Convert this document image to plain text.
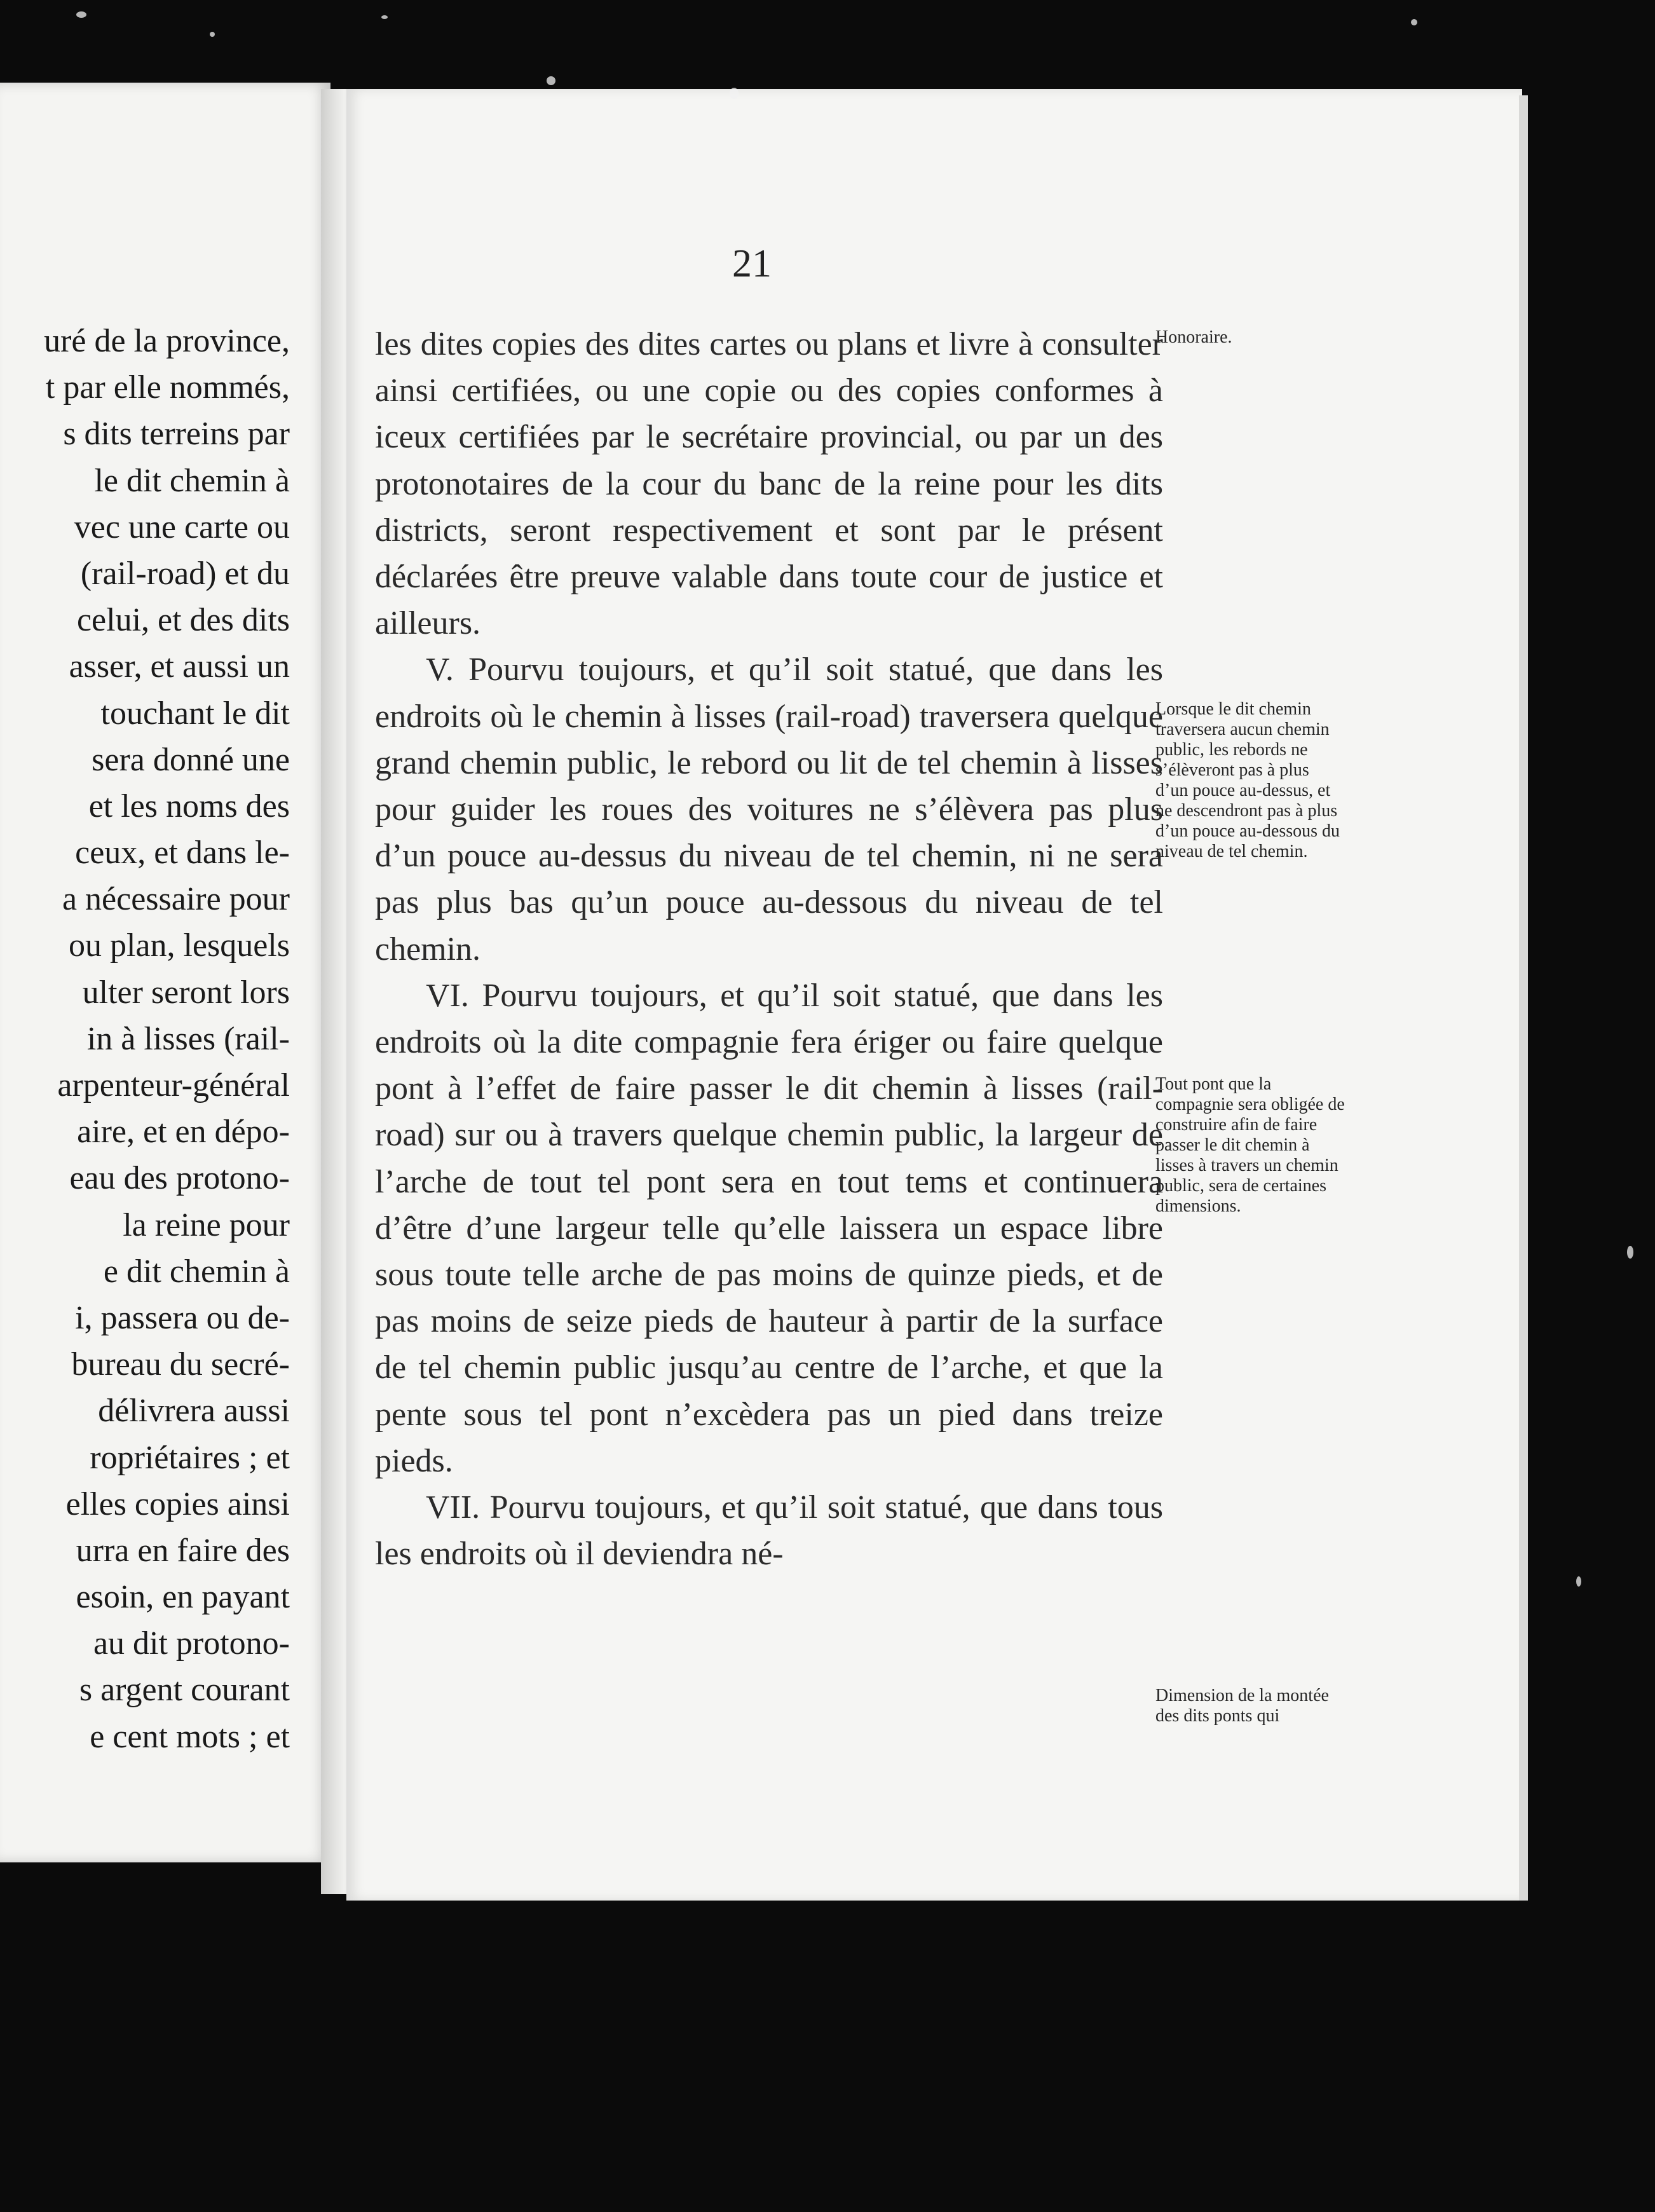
uré de la province,
t par elle nommés,
s dits terreins par
le dit chemin à
vec une carte ou
(rail-road) et du
celui, et des dits
asser, et aussi un
touchant le dit
sera donné une
et les noms des
ceux, et dans le-
a nécessaire pour
ou plan, lesquels
ulter seront lors
in à lisses (rail-
arpenteur-général
aire, et en dépo-
eau des protono-
la reine pour
e dit chemin à
i, passera ou de-
bureau du secré-
délivrera aussi
ropriétaires ; et
elles copies ainsi
urra en faire des
esoin, en payant
au dit protono-
s argent courant
e cent mots ; et
21

les dites copies des dites cartes ou plans et livre à consulter ainsi certifiées, ou une copie ou des copies conformes à iceux certifiées par le secrétaire provincial, ou par un des protonotaires de la cour du banc de la reine pour les dits districts, seront respectivement et sont par le présent déclarées être preuve valable dans toute cour de justice et ailleurs.

V. Pourvu toujours, et qu’il soit statué, que dans les endroits où le chemin à lisses (rail-road) traversera quelque grand chemin public, le rebord ou lit de tel chemin à lisses pour guider les roues des voitures ne s’élèvera pas plus d’un pouce au-dessus du niveau de tel chemin, ni ne sera pas plus bas qu’un pouce au-dessous du niveau de tel chemin.

VI. Pourvu toujours, et qu’il soit statué, que dans les endroits où la dite compagnie fera ériger ou faire quelque pont à l’effet de faire passer le dit chemin à lisses (rail-road) sur ou à travers quelque chemin public, la largeur de l’arche de tout tel pont sera en tout tems et continuera d’être d’une largeur telle qu’elle laissera un espace libre sous toute telle arche de pas moins de quinze pieds, et de pas moins de seize pieds de hauteur à partir de la surface de tel chemin public jusqu’au centre de l’arche, et que la pente sous tel pont n’excèdera pas un pied dans treize pieds.

VII. Pourvu toujours, et qu’il soit statué, que dans tous les endroits où il deviendra né-

Honoraire.
Lorsque le dit chemin traversera aucun chemin public, les rebords ne s’élèveront pas à plus d’un pouce au-dessus, et ne descendront pas à plus d’un pouce au-dessous du niveau de tel chemin.
Tout pont que la compagnie sera obligée de construire afin de faire passer le dit chemin à lisses à travers un chemin public, sera de certaines dimensions.
Dimension de la montée des dits ponts qui
